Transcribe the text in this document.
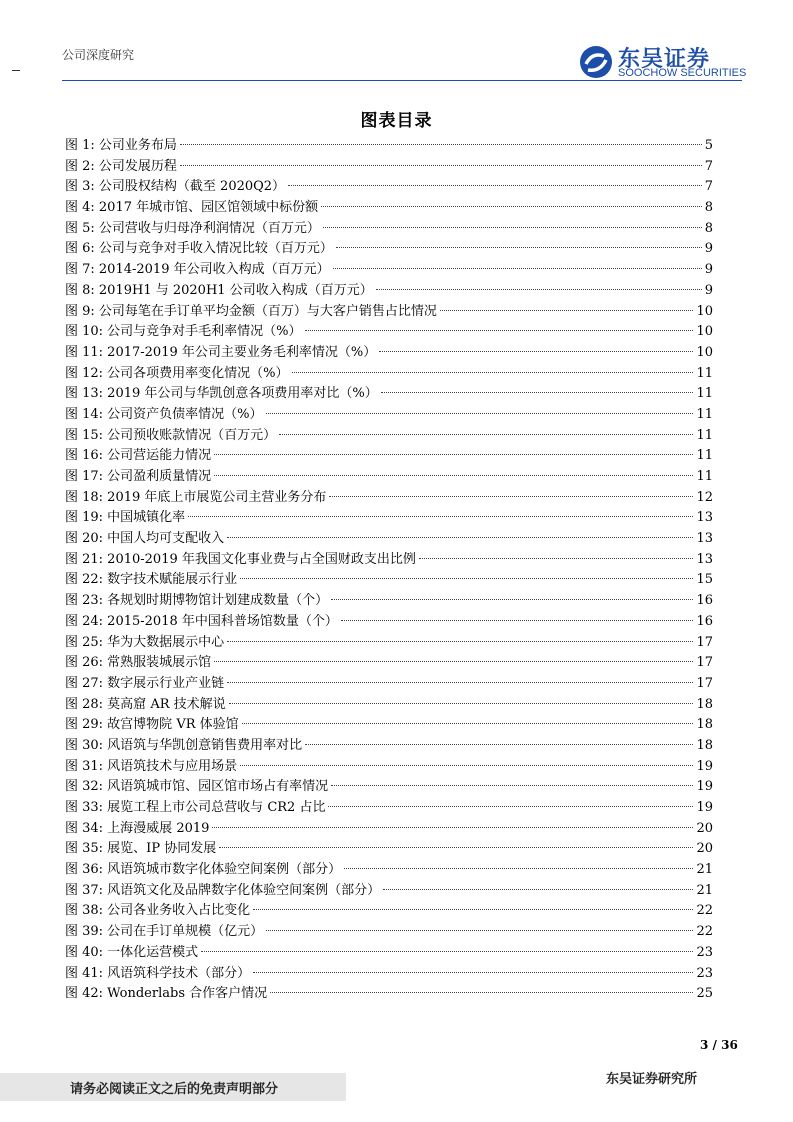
公司深度研究	东吴证券
SOOCHOW SECURITIES
图表目录
图 1: 公司业务布局	5
图 2: 公司发展历程	7
图 3: 公司股权结构（截至 2020Q2）	7
图 4: 2017 年城市馆、园区馆领域中标份额	8
图 5: 公司营收与归母净利润情况（百万元）	8
图 6: 公司与竞争对手收入情况比较（百万元）	9
图 7: 2014-2019 年公司收入构成（百万元）	9
图 8: 2019H1 与 2020H1 公司收入构成（百万元）	9
图 9: 公司每笔在手订单平均金额（百万）与大客户销售占比情况	10
图 10: 公司与竞争对手毛利率情况（%）	10
图 11: 2017-2019 年公司主要业务毛利率情况（%）	10
图 12: 公司各项费用率变化情况（%）	11
图 13: 2019 年公司与华凯创意各项费用率对比（%）	11
图 14: 公司资产负债率情况（%）	11
图 15: 公司预收账款情况（百万元）	11
图 16: 公司营运能力情况	11
图 17: 公司盈利质量情况	11
图 18: 2019 年底上市展览公司主营业务分布	12
图 19: 中国城镇化率	13
图 20: 中国人均可支配收入	13
图 21: 2010-2019 年我国文化事业费与占全国财政支出比例	13
图 22: 数字技术赋能展示行业	15
图 23: 各规划时期博物馆计划建成数量（个）	16
图 24: 2015-2018 年中国科普场馆数量（个）	16
图 25: 华为大数据展示中心	17
图 26: 常熟服装城展示馆	17
图 27: 数字展示行业产业链	17
图 28: 莫高窟 AR 技术解说	18
图 29: 故宫博物院 VR 体验馆	18
图 30: 风语筑与华凯创意销售费用率对比	18
图 31: 风语筑技术与应用场景	19
图 32: 风语筑城市馆、园区馆市场占有率情况	19
图 33: 展览工程上市公司总营收与 CR2 占比	19
图 34: 上海漫威展 2019	20
图 35: 展览、IP 协同发展	20
图 36: 风语筑城市数字化体验空间案例（部分）	21
图 37: 风语筑文化及品牌数字化体验空间案例（部分）	21
图 38: 公司各业务收入占比变化	22
图 39: 公司在手订单规模（亿元）	22
图 40: 一体化运营模式	23
图 41: 风语筑科学技术（部分）	23
图 42: Wonderlabs 合作客户情况	25
3 / 36
请务必阅读正文之后的免责声明部分
东吴证券研究所
